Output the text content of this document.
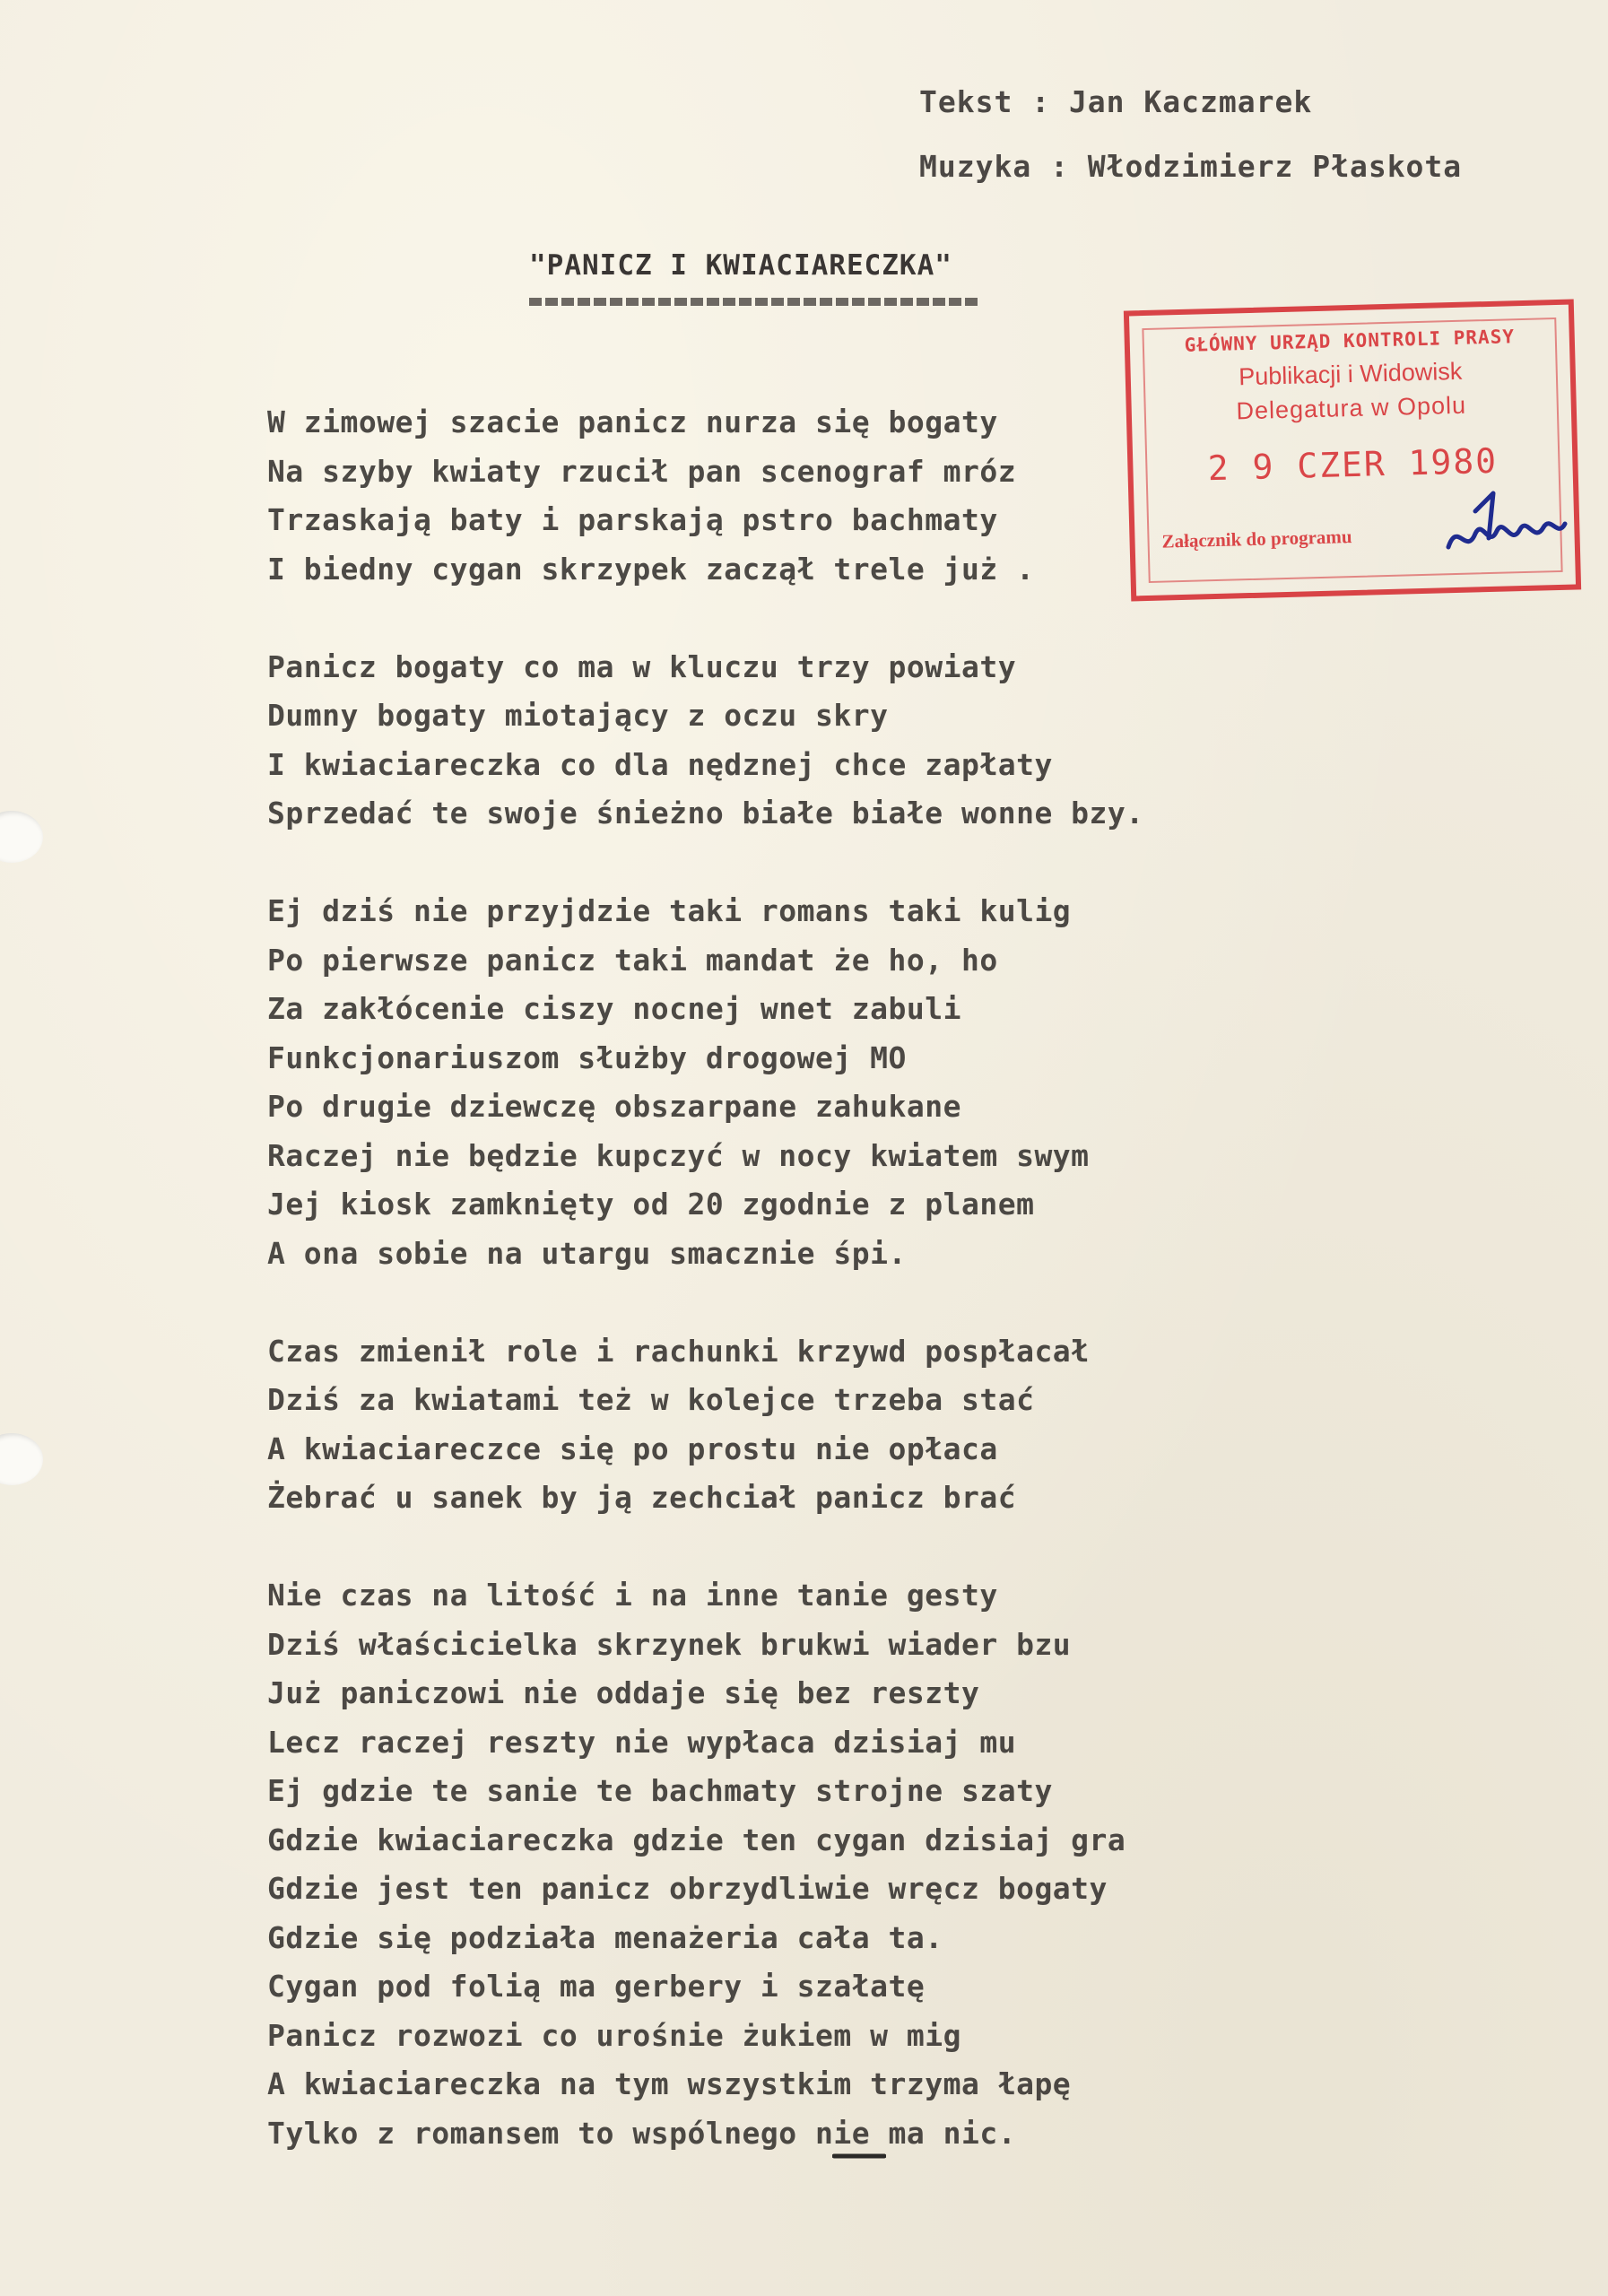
Tekst : Jan Kaczmarek
Muzyka : Włodzimierz Płaskota
"PANICZ I KWIACIARECZKA"
GŁÓWNY URZĄD KONTROLI PRASY
Publikacji i Widowisk
Delegatura w Opolu
2 9 CZER 1980
Załącznik do programu
W zimowej szacie panicz nurza się bogaty
Na szyby kwiaty rzucił pan scenograf mróz
Trzaskają baty i parskają pstro bachmaty
I biedny cygan skrzypek zaczął trele już .
Panicz bogaty co ma w kluczu trzy powiaty
Dumny bogaty miotający z oczu skry
I kwiaciareczka co dla nędznej chce zapłaty
Sprzedać te swoje śnieżno białe białe wonne bzy.
Ej dziś nie przyjdzie taki romans taki kulig
Po pierwsze panicz taki mandat że ho, ho
Za zakłócenie ciszy nocnej wnet zabuli
Funkcjonariuszom służby drogowej MO
Po drugie dziewczę obszarpane zahukane
Raczej nie będzie kupczyć w nocy kwiatem swym
Jej kiosk zamknięty od 20 zgodnie z planem
A ona sobie na utargu smacznie śpi.
Czas zmienił role i rachunki krzywd pospłacał
Dziś za kwiatami też w kolejce trzeba stać
A kwiaciareczce się po prostu nie opłaca
Żebrać u sanek by ją zechciał panicz brać
Nie czas na litość i na inne tanie gesty
Dziś właścicielka skrzynek brukwi wiader bzu
Już paniczowi nie oddaje się bez reszty
Lecz raczej reszty nie wypłaca dzisiaj mu
Ej gdzie te sanie te bachmaty strojne szaty
Gdzie kwiaciareczka gdzie ten cygan dzisiaj gra
Gdzie jest ten panicz obrzydliwie wręcz bogaty
Gdzie się podziała menażeria cała ta.
Cygan pod folią ma gerbery i szałatę
Panicz rozwozi co urośnie żukiem w mig
A kwiaciareczka na tym wszystkim trzyma łapę
Tylko z romansem to wspólnego nie ma nic.
